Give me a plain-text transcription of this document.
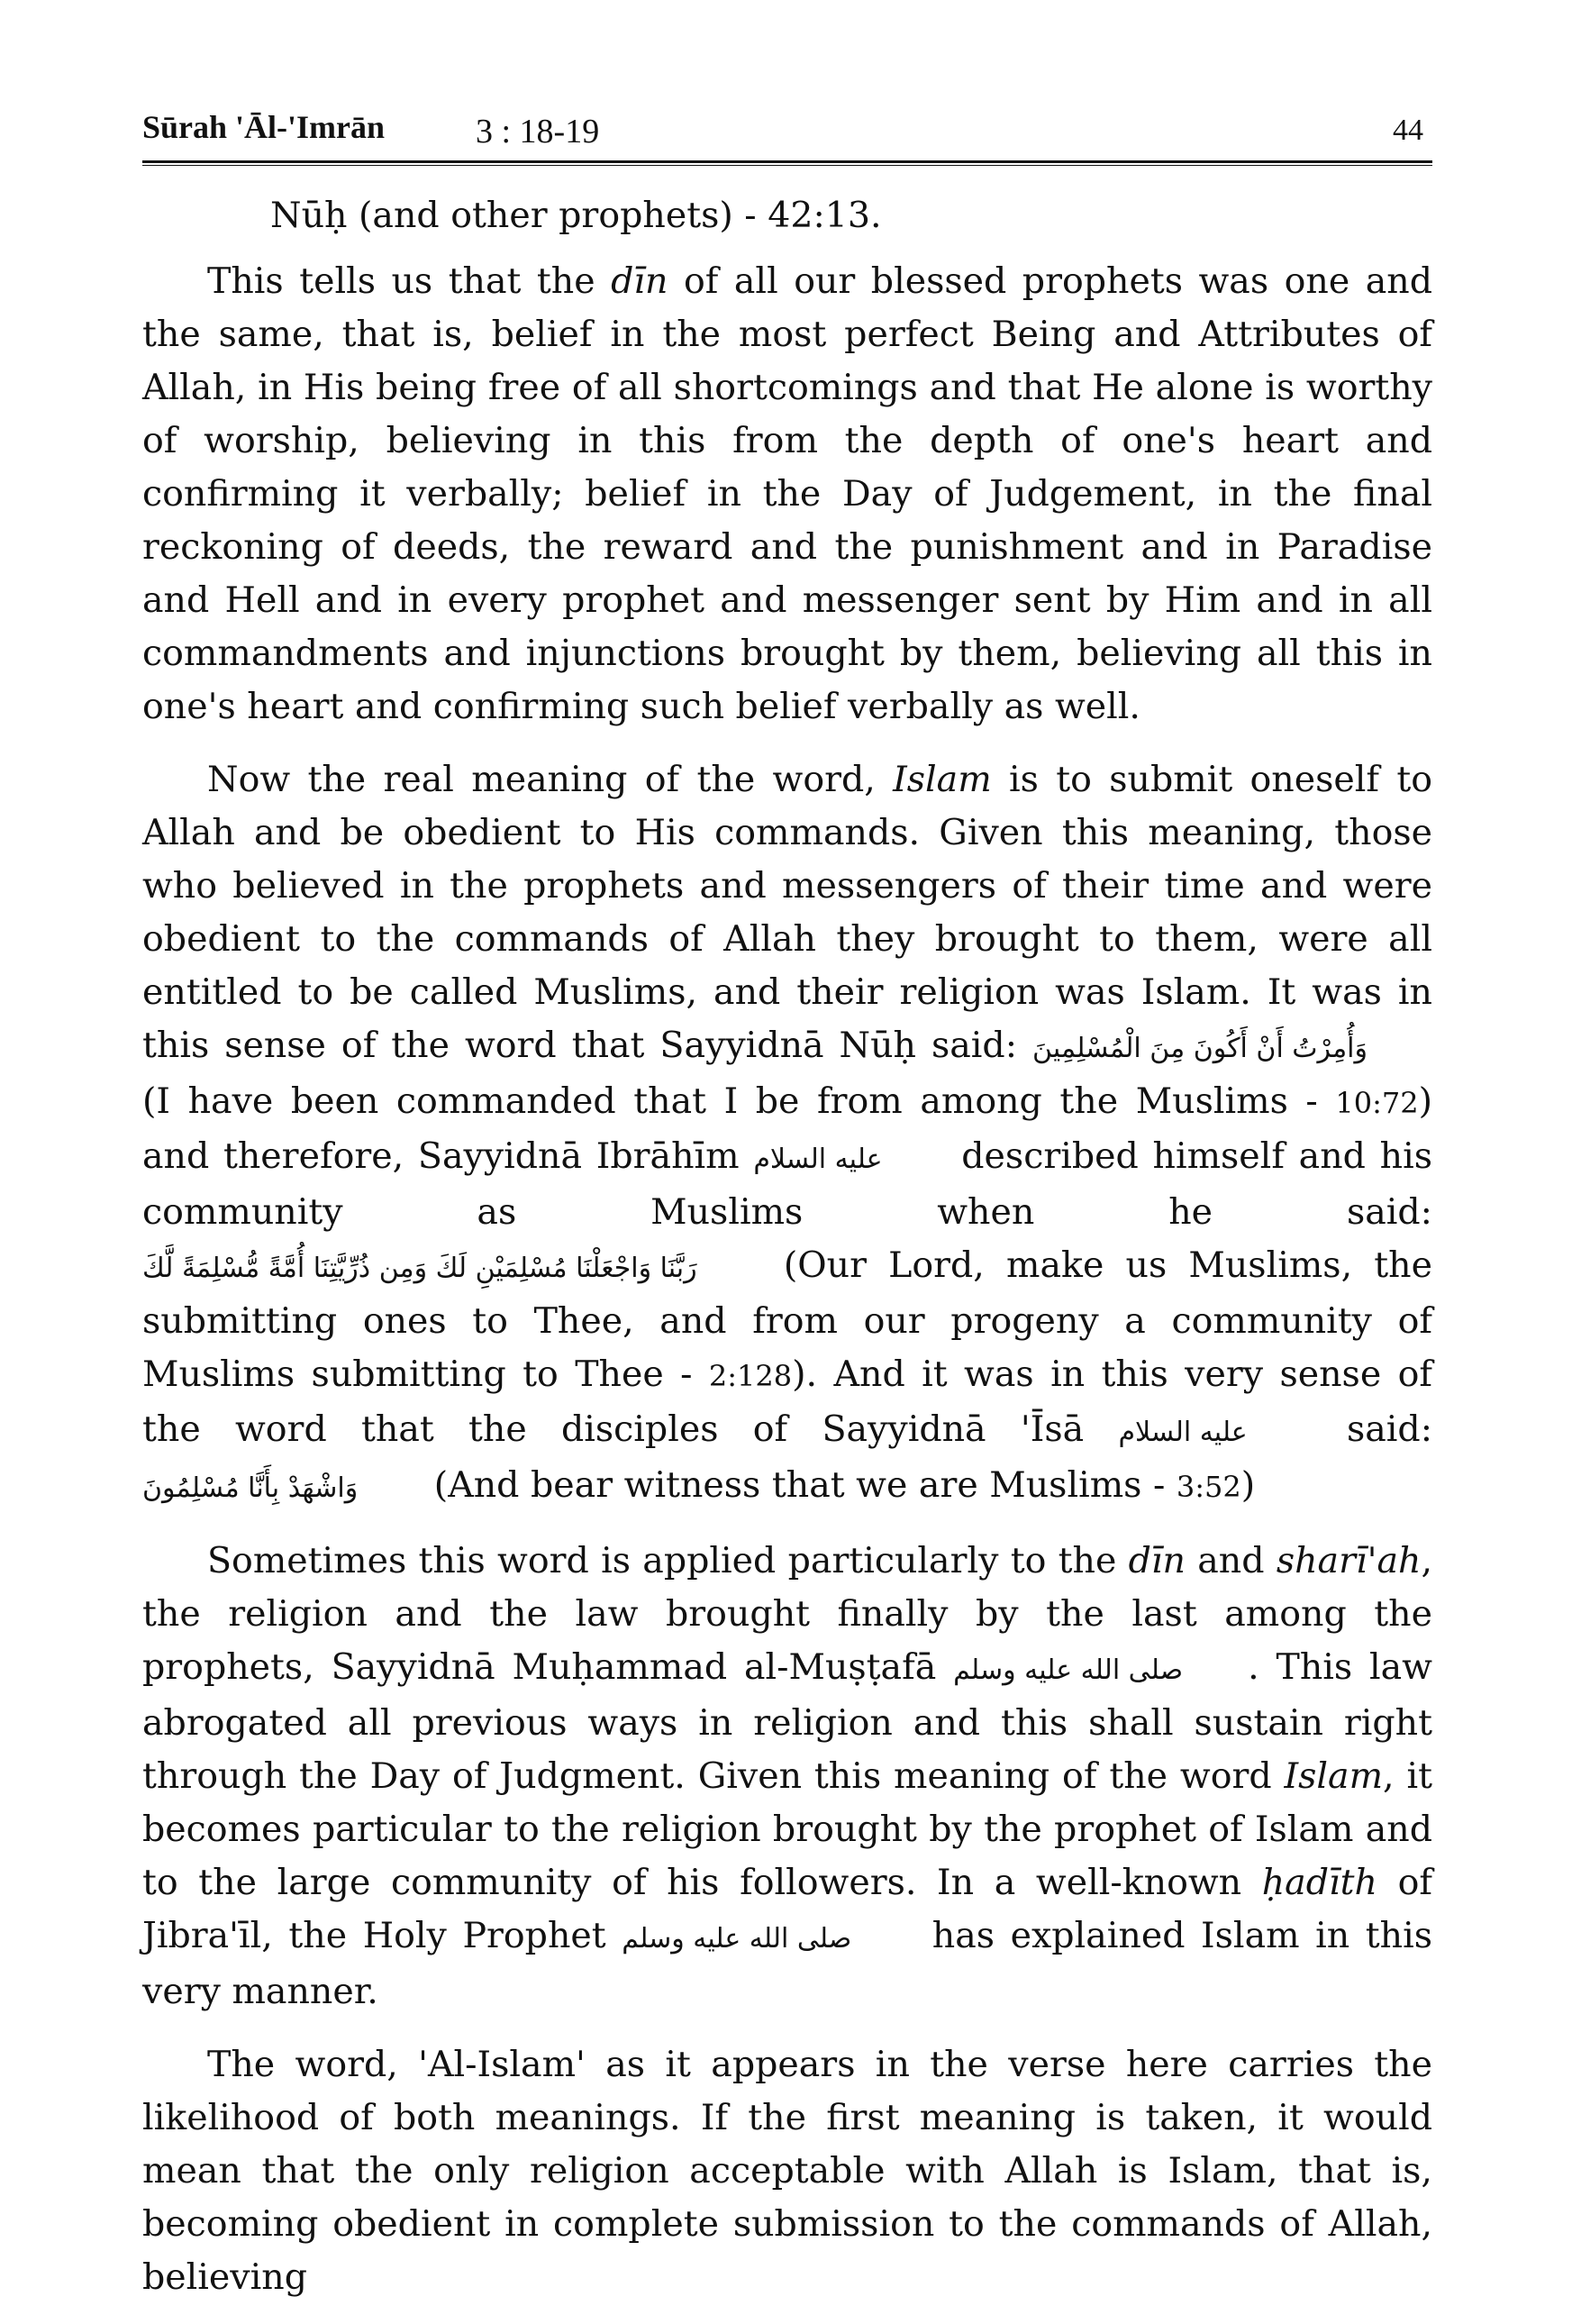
Sūrah 'Āl-'Imrān	3 : 18-19	44

Nūḥ (and other prophets) - 42:13.

This tells us that the dīn of all our blessed prophets was one and the same, that is, belief in the most perfect Being and Attributes of Allah, in His being free of all shortcomings and that He alone is worthy of worship, believing in this from the depth of one's heart and confirming it verbally; belief in the Day of Judgement, in the final reckoning of deeds, the reward and the punishment and in Paradise and Hell and in every prophet and messenger sent by Him and in all commandments and injunctions brought by them, believing all this in one's heart and confirming such belief verbally as well.

Now the real meaning of the word, Islam is to submit oneself to Allah and be obedient to His commands. Given this meaning, those who believed in the prophets and messengers of their time and were obedient to the commands of Allah they brought to them, were all entitled to be called Muslims, and their religion was Islam. It was in this sense of the word that Sayyidnā Nūḥ said: وَأُمِرْتُ أَنْ أَكُونَ مِنَ الْمُسْلِمِينَ (I have been commanded that I be from among the Muslims - 10:72) and therefore, Sayyidnā Ibrāhīm عليه السلام described himself and his community as Muslims when he said: رَبَّنَا وَاجْعَلْنَا مُسْلِمَيْنِ لَكَ وَمِن ذُرِّيَّتِنَا أُمَّةً مُّسْلِمَةً لَّكَ (Our Lord, make us Muslims, the submitting ones to Thee, and from our progeny a community of Muslims submitting to Thee - 2:128). And it was in this very sense of the word that the disciples of Sayyidnā 'Īsā عليه السلام said: وَاشْهَدْ بِأَنَّا مُسْلِمُونَ (And bear witness that we are Muslims - 3:52)

Sometimes this word is applied particularly to the dīn and sharī'ah, the religion and the law brought finally by the last among the prophets, Sayyidnā Muḥammad al-Muṣṭafā صلى الله عليه وسلم . This law abrogated all previous ways in religion and this shall sustain right through the Day of Judgment. Given this meaning of the word Islam, it becomes particular to the religion brought by the prophet of Islam and to the large community of his followers. In a well-known ḥadīth of Jibra'īl, the Holy Prophet صلى الله عليه وسلم has explained Islam in this very manner.

The word, 'Al-Islam' as it appears in the verse here carries the likelihood of both meanings. If the first meaning is taken, it would mean that the only religion acceptable with Allah is Islam, that is, becoming obedient in complete submission to the commands of Allah, believing
